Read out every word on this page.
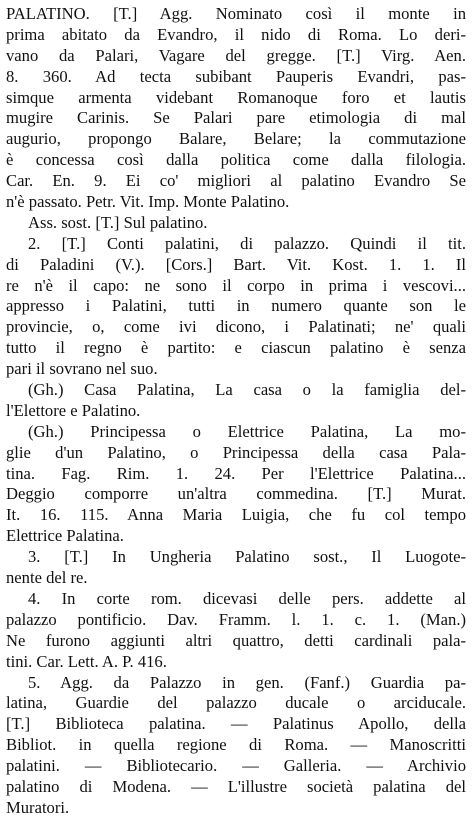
PALATINO. [T.] Agg. Nominato così il monte in
prima abitato da Evandro, il nido di Roma. Lo deri-
vano da Palari, Vagare del gregge. [T.] Virg. Aen.
8. 360. Ad tecta subibant Pauperis Evandri, pas-
simque armenta videbant Romanoque foro et lautis
mugire Carinis. Se Palari pare etimologia di mal
augurio, propongo Balare, Belare; la commutazione
è concessa così dalla politica come dalla filologia.
Car. En. 9. Ei co' migliori al palatino Evandro Se
n'è passato. Petr. Vit. Imp. Monte Palatino.
Ass. sost. [T.] Sul palatino.
2. [T.] Conti palatini, di palazzo. Quindi il tit.
di Paladini (V.). [Cors.] Bart. Vit. Kost. 1. 1. Il
re n'è il capo: ne sono il corpo in prima i vescovi...
appresso i Palatini, tutti in numero quante son le
provincie, o, come ivi dicono, i Palatinati; ne' quali
tutto il regno è partito: e ciascun palatino è senza
pari il sovrano nel suo.
(Gh.) Casa Palatina, La casa o la famiglia del-
l'Elettore e Palatino.
(Gh.) Principessa o Elettrice Palatina, La mo-
glie d'un Palatino, o Principessa della casa Pala-
tina. Fag. Rim. 1. 24. Per l'Elettrice Palatina...
Deggio comporre un'altra commedina. [T.] Murat.
It. 16. 115. Anna Maria Luigia, che fu col tempo
Elettrice Palatina.
3. [T.] In Ungheria Palatino sost., Il Luogote-
nente del re.
4. In corte rom. dicevasi delle pers. addette al
palazzo pontificio. Dav. Framm. l. 1. c. 1. (Man.)
Ne furono aggiunti altri quattro, detti cardinali pala-
tini. Car. Lett. A. P. 416.
5. Agg. da Palazzo in gen. (Fanf.) Guardia pa-
latina, Guardie del palazzo ducale o arciducale.
[T.] Biblioteca palatina. — Palatinus Apollo, della
Bibliot. in quella regione di Roma. — Manoscritti
palatini. — Bibliotecario. — Galleria. — Archivio
palatino di Modena. — L'illustre società palatina del
Muratori.
